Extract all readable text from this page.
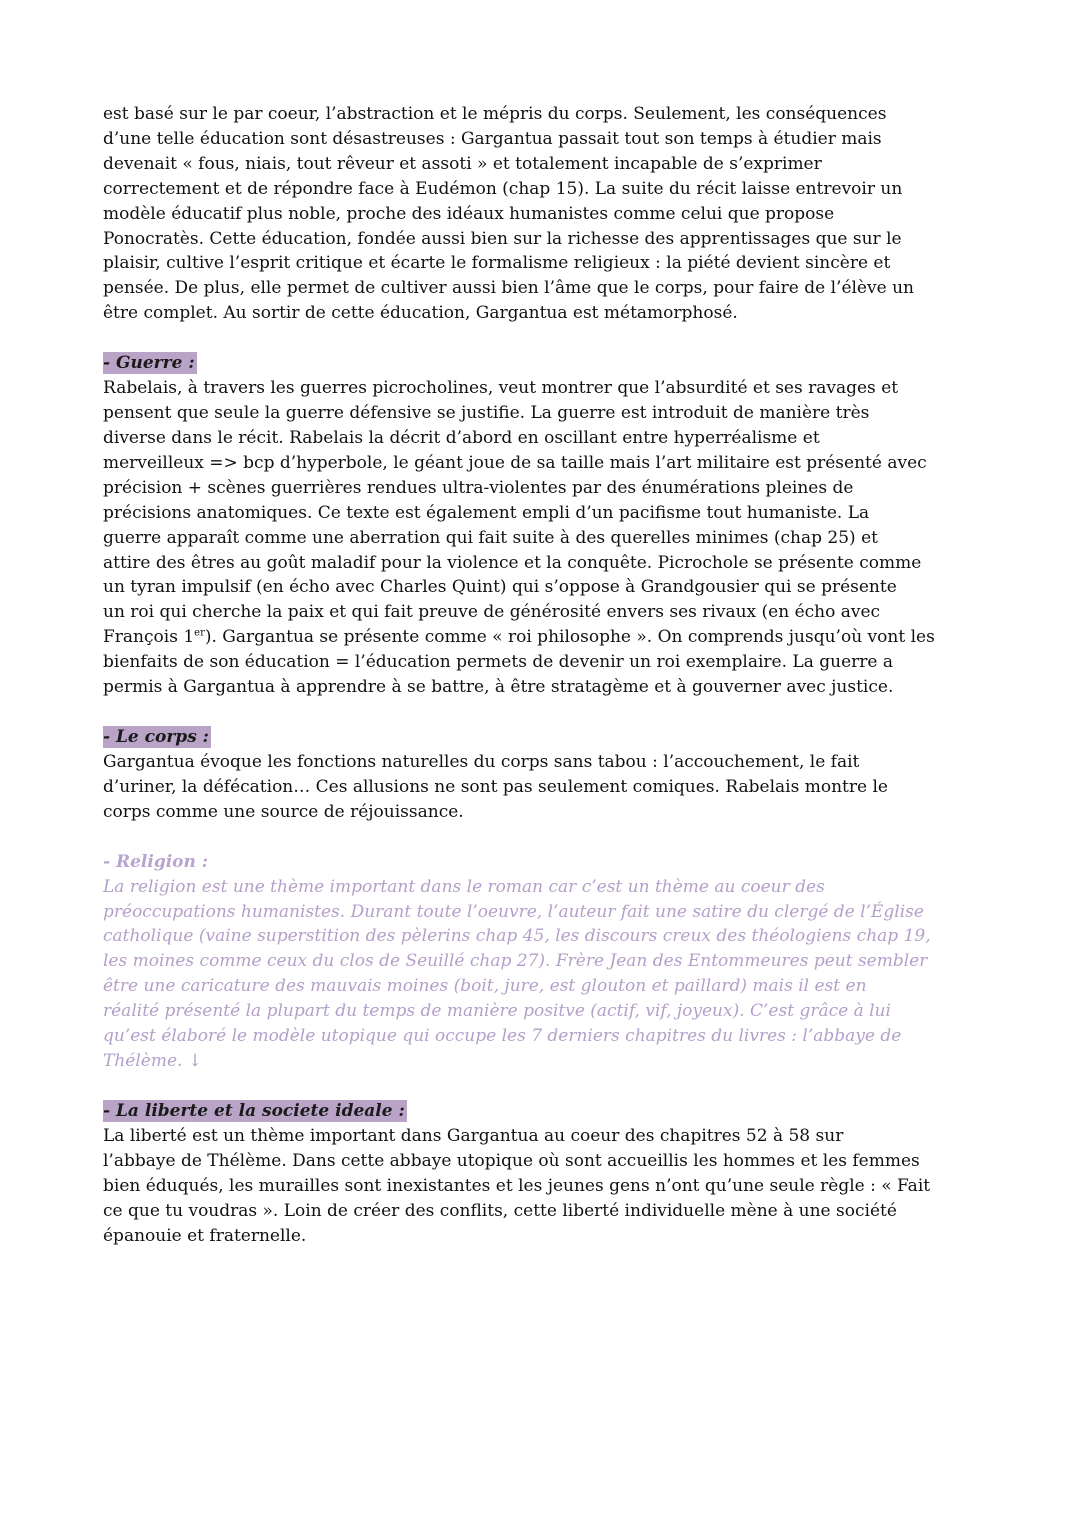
est basé sur le par coeur, l’abstraction et le mépris du corps. Seulement, les conséquences
d’une telle éducation sont désastreuses : Gargantua passait tout son temps à étudier mais
devenait « fous, niais, tout rêveur et assoti » et totalement incapable de s’exprimer
correctement et de répondre face à Eudémon (chap 15). La suite du récit laisse entrevoir un
modèle éducatif plus noble, proche des idéaux humanistes comme celui que propose
Ponocratès. Cette éducation, fondée aussi bien sur la richesse des apprentissages que sur le
plaisir, cultive l’esprit critique et écarte le formalisme religieux : la piété devient sincère et
pensée. De plus, elle permet de cultiver aussi bien l’âme que le corps, pour faire de l’élève un
être complet. Au sortir de cette éducation, Gargantua est métamorphosé.

- Guerre :

Rabelais, à travers les guerres picrocholines, veut montrer que l’absurdité et ses ravages et
pensent que seule la guerre défensive se justifie. La guerre est introduit de manière très
diverse dans le récit. Rabelais la décrit d’abord en oscillant entre hyperréalisme et
merveilleux => bcp d’hyperbole, le géant joue de sa taille mais l’art militaire est présenté avec
précision + scènes guerrières rendues ultra-violentes par des énumérations pleines de
précisions anatomiques. Ce texte est également empli d’un pacifisme tout humaniste. La
guerre apparaît comme une aberration qui fait suite à des querelles minimes (chap 25) et
attire des êtres au goût maladif pour la violence et la conquête. Picrochole se présente comme
un tyran impulsif (en écho avec Charles Quint) qui s’oppose à Grandgousier qui se présente
un roi qui cherche la paix et qui fait preuve de générosité envers ses rivaux (en écho avec
François 1er). Gargantua se présente comme « roi philosophe ». On comprends jusqu’où vont les
bienfaits de son éducation = l’éducation permets de devenir un roi exemplaire. La guerre a
permis à Gargantua à apprendre à se battre, à être stratagème et à gouverner avec justice.

- Le corps :

Gargantua évoque les fonctions naturelles du corps sans tabou : l’accouchement, le fait
d’uriner, la défécation… Ces allusions ne sont pas seulement comiques. Rabelais montre le
corps comme une source de réjouissance.

- Religion :

La religion est une thème important dans le roman car c’est un thème au coeur des
préoccupations humanistes. Durant toute l’oeuvre, l’auteur fait une satire du clergé de l’Église
catholique (vaine superstition des pèlerins chap 45, les discours creux des théologiens chap 19,
les moines comme ceux du clos de Seuillé chap 27). Frère Jean des Entommeures peut sembler
être une caricature des mauvais moines (boit, jure, est glouton et paillard) mais il est en
réalité présenté la plupart du temps de manière positve (actif, vif, joyeux). C’est grâce à lui
qu’est élaboré le modèle utopique qui occupe les 7 derniers chapitres du livres : l’abbaye de
Thélème. ↓

- La liberte et la societe ideale :

La liberté est un thème important dans Gargantua au coeur des chapitres 52 à 58 sur
l’abbaye de Thélème. Dans cette abbaye utopique où sont accueillis les hommes et les femmes
bien éduqués, les murailles sont inexistantes et les jeunes gens n’ont qu’une seule règle : « Fait
ce que tu voudras ». Loin de créer des conflits, cette liberté individuelle mène à une société
épanouie et fraternelle.
